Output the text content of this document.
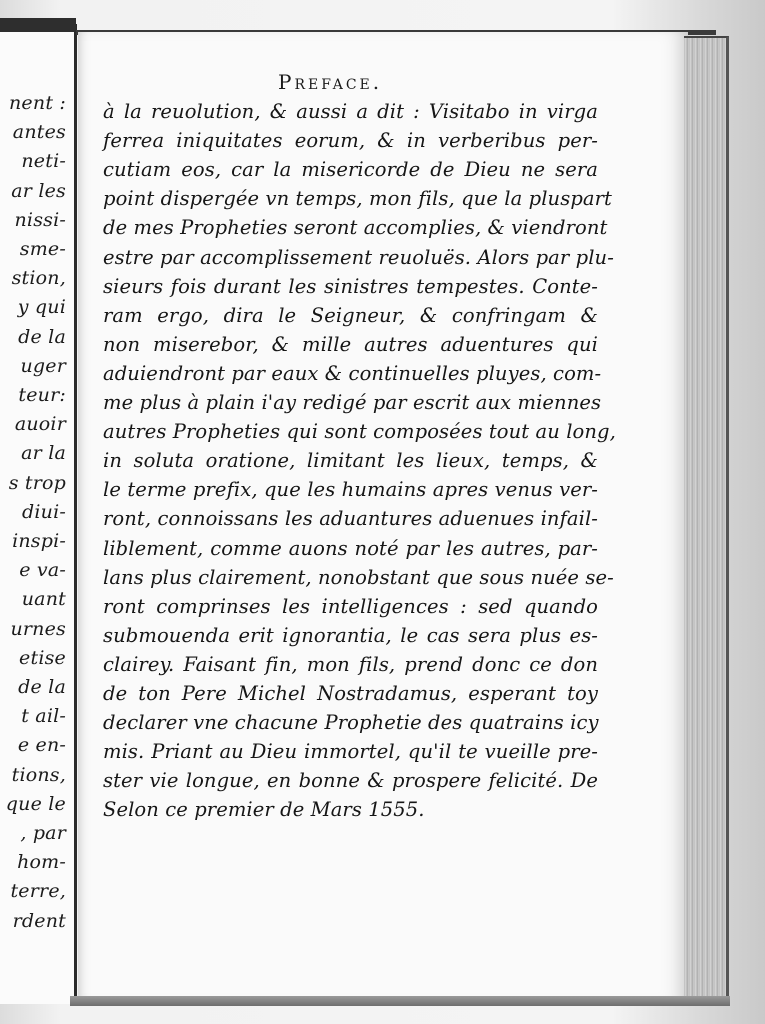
nent :
antes
neti-
ar les
nissi-
sme-
stion,
y qui
de la
uger
teur:
auoir
ar la
s trop
diui-
inspi-
e va-
uant
urnes
etise
de la
t ail-
e en-
tions,
que le
, par
hom-
terre,
rdent
Preface.
à la reuolution, & aussi a dit : Visitabo in virga
ferrea iniquitates eorum, & in verberibus per-
cutiam eos, car la misericorde de Dieu ne sera
point dispergée vn temps, mon fils, que la pluspart
de mes Propheties seront accomplies, & viendront
estre par accomplissement reuoluës. Alors par plu-
sieurs fois durant les sinistres tempestes. Conte-
ram ergo, dira le Seigneur, & confringam &
non miserebor, & mille autres aduentures qui
aduiendront par eaux & continuelles pluyes, com-
me plus à plain i'ay redigé par escrit aux miennes
autres Propheties qui sont composées tout au long,
in soluta oratione, limitant les lieux, temps, &
le terme prefix, que les humains apres venus ver-
ront, connoissans les aduantures aduenues infail-
liblement, comme auons noté par les autres, par-
lans plus clairement, nonobstant que sous nuée se-
ront comprinses les intelligences : sed quando
submouenda erit ignorantia, le cas sera plus es-
clairey. Faisant fin, mon fils, prend donc ce don
de ton Pere Michel Nostradamus, esperant toy
declarer vne chacune Prophetie des quatrains icy
mis. Priant au Dieu immortel, qu'il te vueille pre-
ster vie longue, en bonne & prospere felicité. De
Selon ce premier de Mars 1555.
